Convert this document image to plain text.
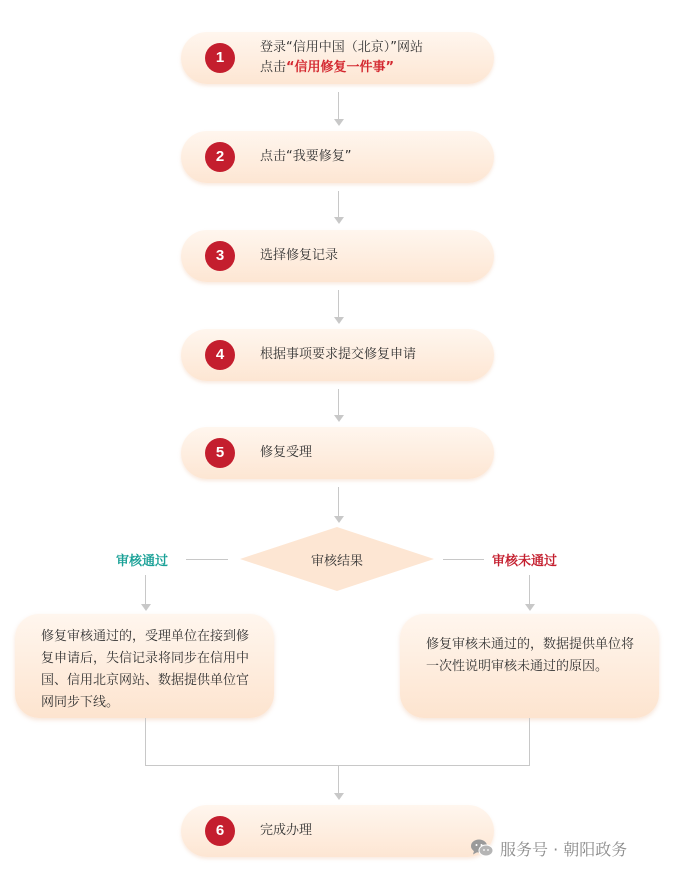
1
登录“信用中国（北京）”网站
点击“信用修复一件事”
2	点击“我要修复”
3	选择修复记录
4	根据事项要求提交修复申请
5	修复受理
审核结果
审核通过	审核未通过
修复审核通过的，受理单位在接到修复申请后，失信记录将同步在信用中国、信用北京网站、数据提供单位官网同步下线。
修复审核未通过的，数据提供单位将一次性说明审核未通过的原因。
6	完成办理
服务号 · 朝阳政务
